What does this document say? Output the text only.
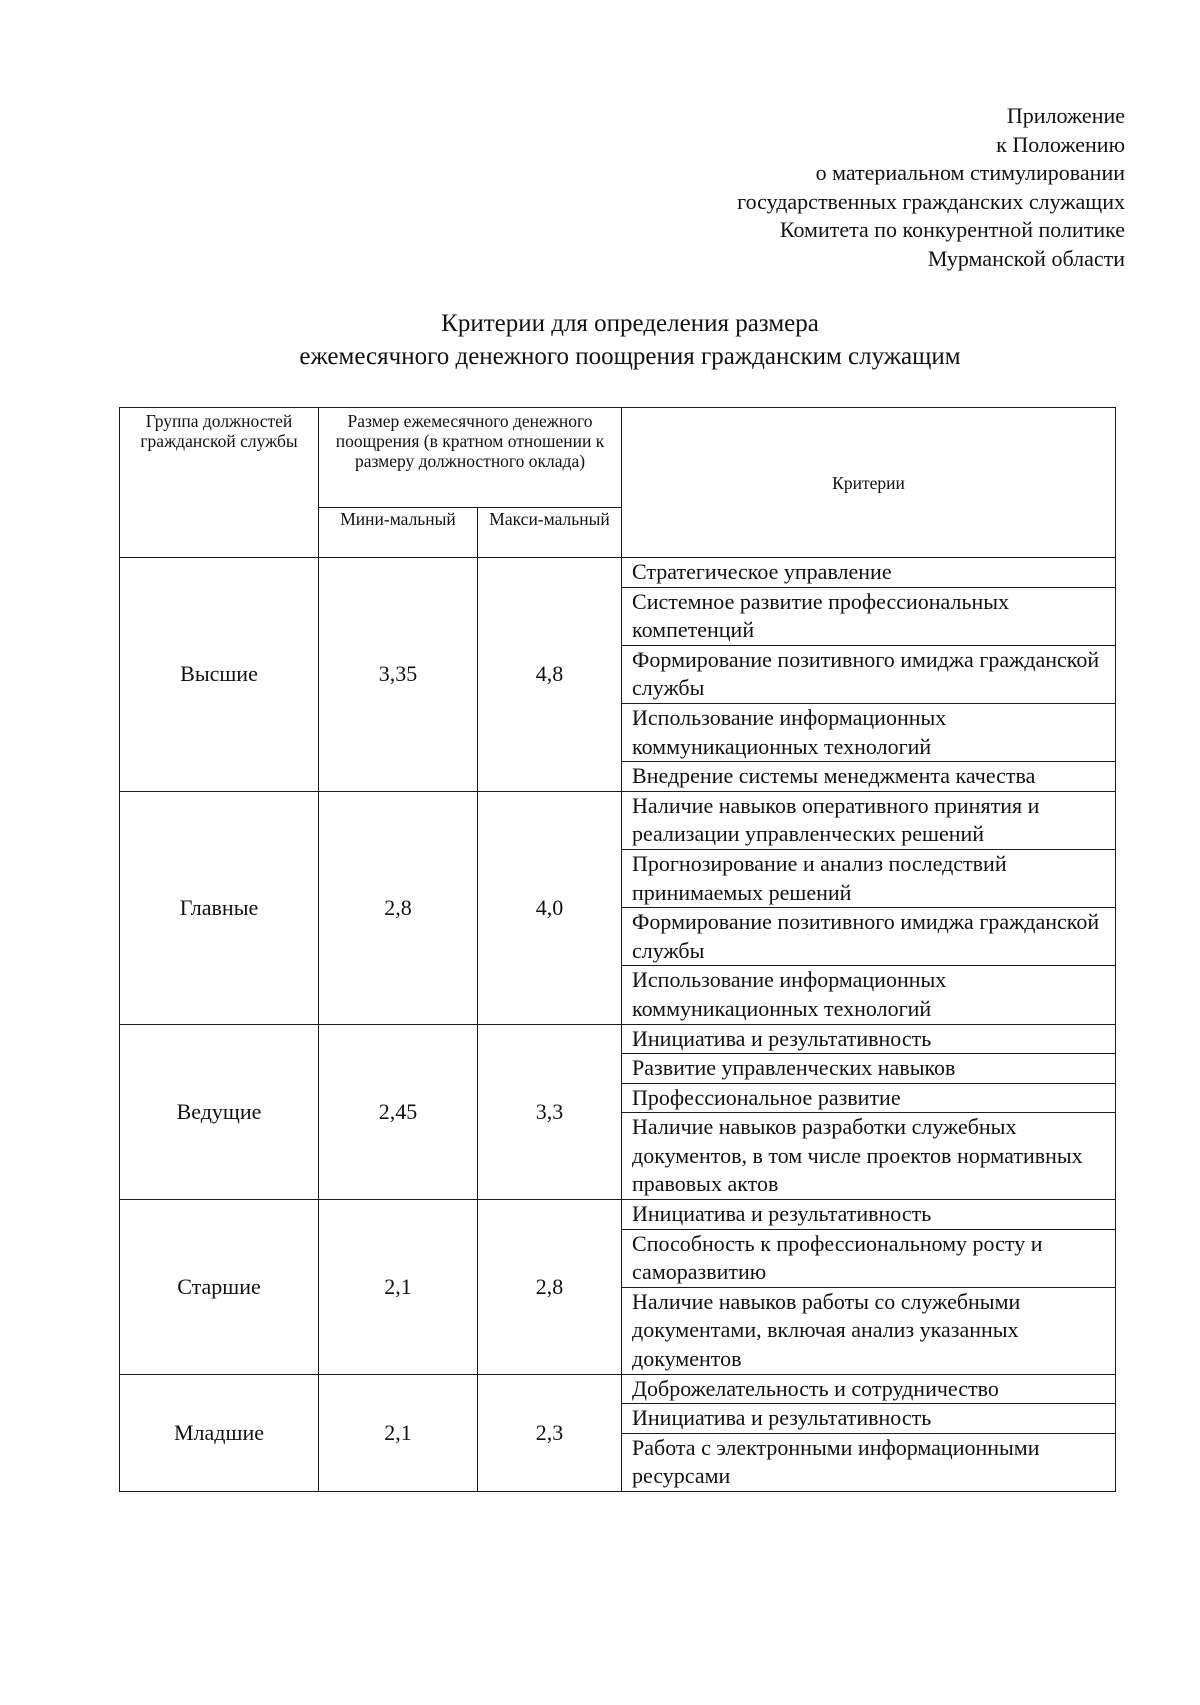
Приложение
к Положению
о материальном стимулировании
государственных гражданских служащих
Комитета по конкурентной политике
Мурманской области
Критерии для определения размера
ежемесячного денежного поощрения гражданским служащим
Группа должностей гражданской службы	Размер ежемесячного денежного поощрения (в кратном отношении к размеру должностного оклада)		Критерии
	Мини-мальный	Макси-мальный	
Высшие	3,35	4,8	Стратегическое управление
			Системное развитие профессиональных компетенций
			Формирование позитивного имиджа гражданской службы
			Использование информационных коммуникационных технологий
			Внедрение системы менеджмента качества
Главные	2,8	4,0	Наличие навыков оперативного принятия и реализации управленческих решений
			Прогнозирование и анализ последствий принимаемых решений
			Формирование позитивного имиджа гражданской службы
			Использование информационных коммуникационных технологий
Ведущие	2,45	3,3	Инициатива и результативность
			Развитие управленческих навыков
			Профессиональное развитие
			Наличие навыков разработки служебных документов, в том числе проектов нормативных правовых актов
Старшие	2,1	2,8	Инициатива и результативность
			Способность к профессиональному росту и саморазвитию
			Наличие навыков работы со служебными документами, включая анализ указанных документов
Младшие	2,1	2,3	Доброжелательность и сотрудничество
			Инициатива и результативность
			Работа с электронными информационными ресурсами
